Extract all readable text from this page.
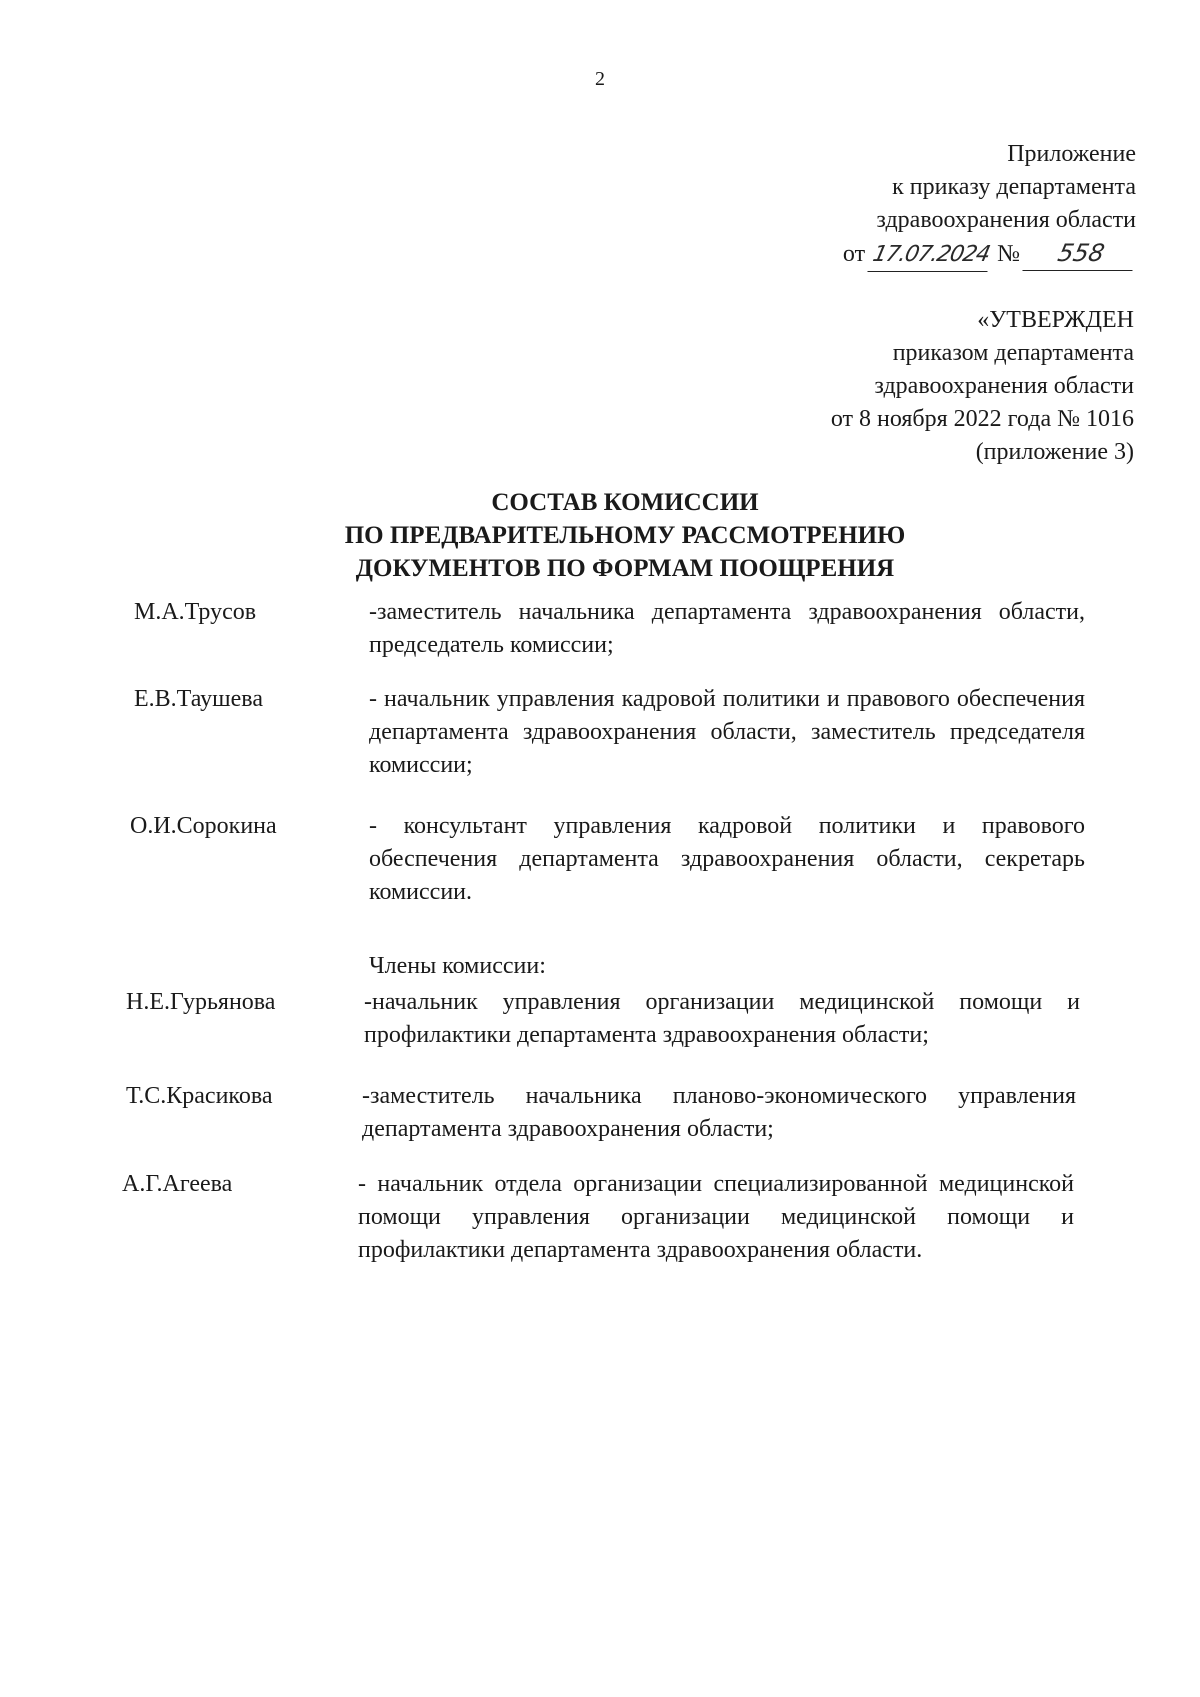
2
Приложение
к приказу департамента
здравоохранения области
от 17.07.2024 № 558
«УТВЕРЖДЕН
приказом департамента
здравоохранения области
от 8 ноября 2022 года № 1016
(приложение 3)
СОСТАВ КОМИССИИ
ПО ПРЕДВАРИТЕЛЬНОМУ РАССМОТРЕНИЮ
ДОКУМЕНТОВ ПО ФОРМАМ ПООЩРЕНИЯ
М.А.Трусов	-заместитель начальника департамента здравоохранения области, председатель комиссии;
Е.В.Таушева	- начальник управления кадровой политики и правового обеспечения департамента здравоохранения области, заместитель председателя комиссии;
О.И.Сорокина	- консультант управления кадровой политики и правового обеспечения департамента здравоохранения области, секретарь комиссии.
Члены комиссии:
Н.Е.Гурьянова	-начальник управления организации медицинской помощи и профилактики департамента здравоохранения области;
Т.С.Красикова	-заместитель начальника планово-экономического управления департамента здравоохранения области;
А.Г.Агеева	- начальник отдела организации специализированной медицинской помощи управления организации медицинской помощи и профилактики департамента здравоохранения области.
